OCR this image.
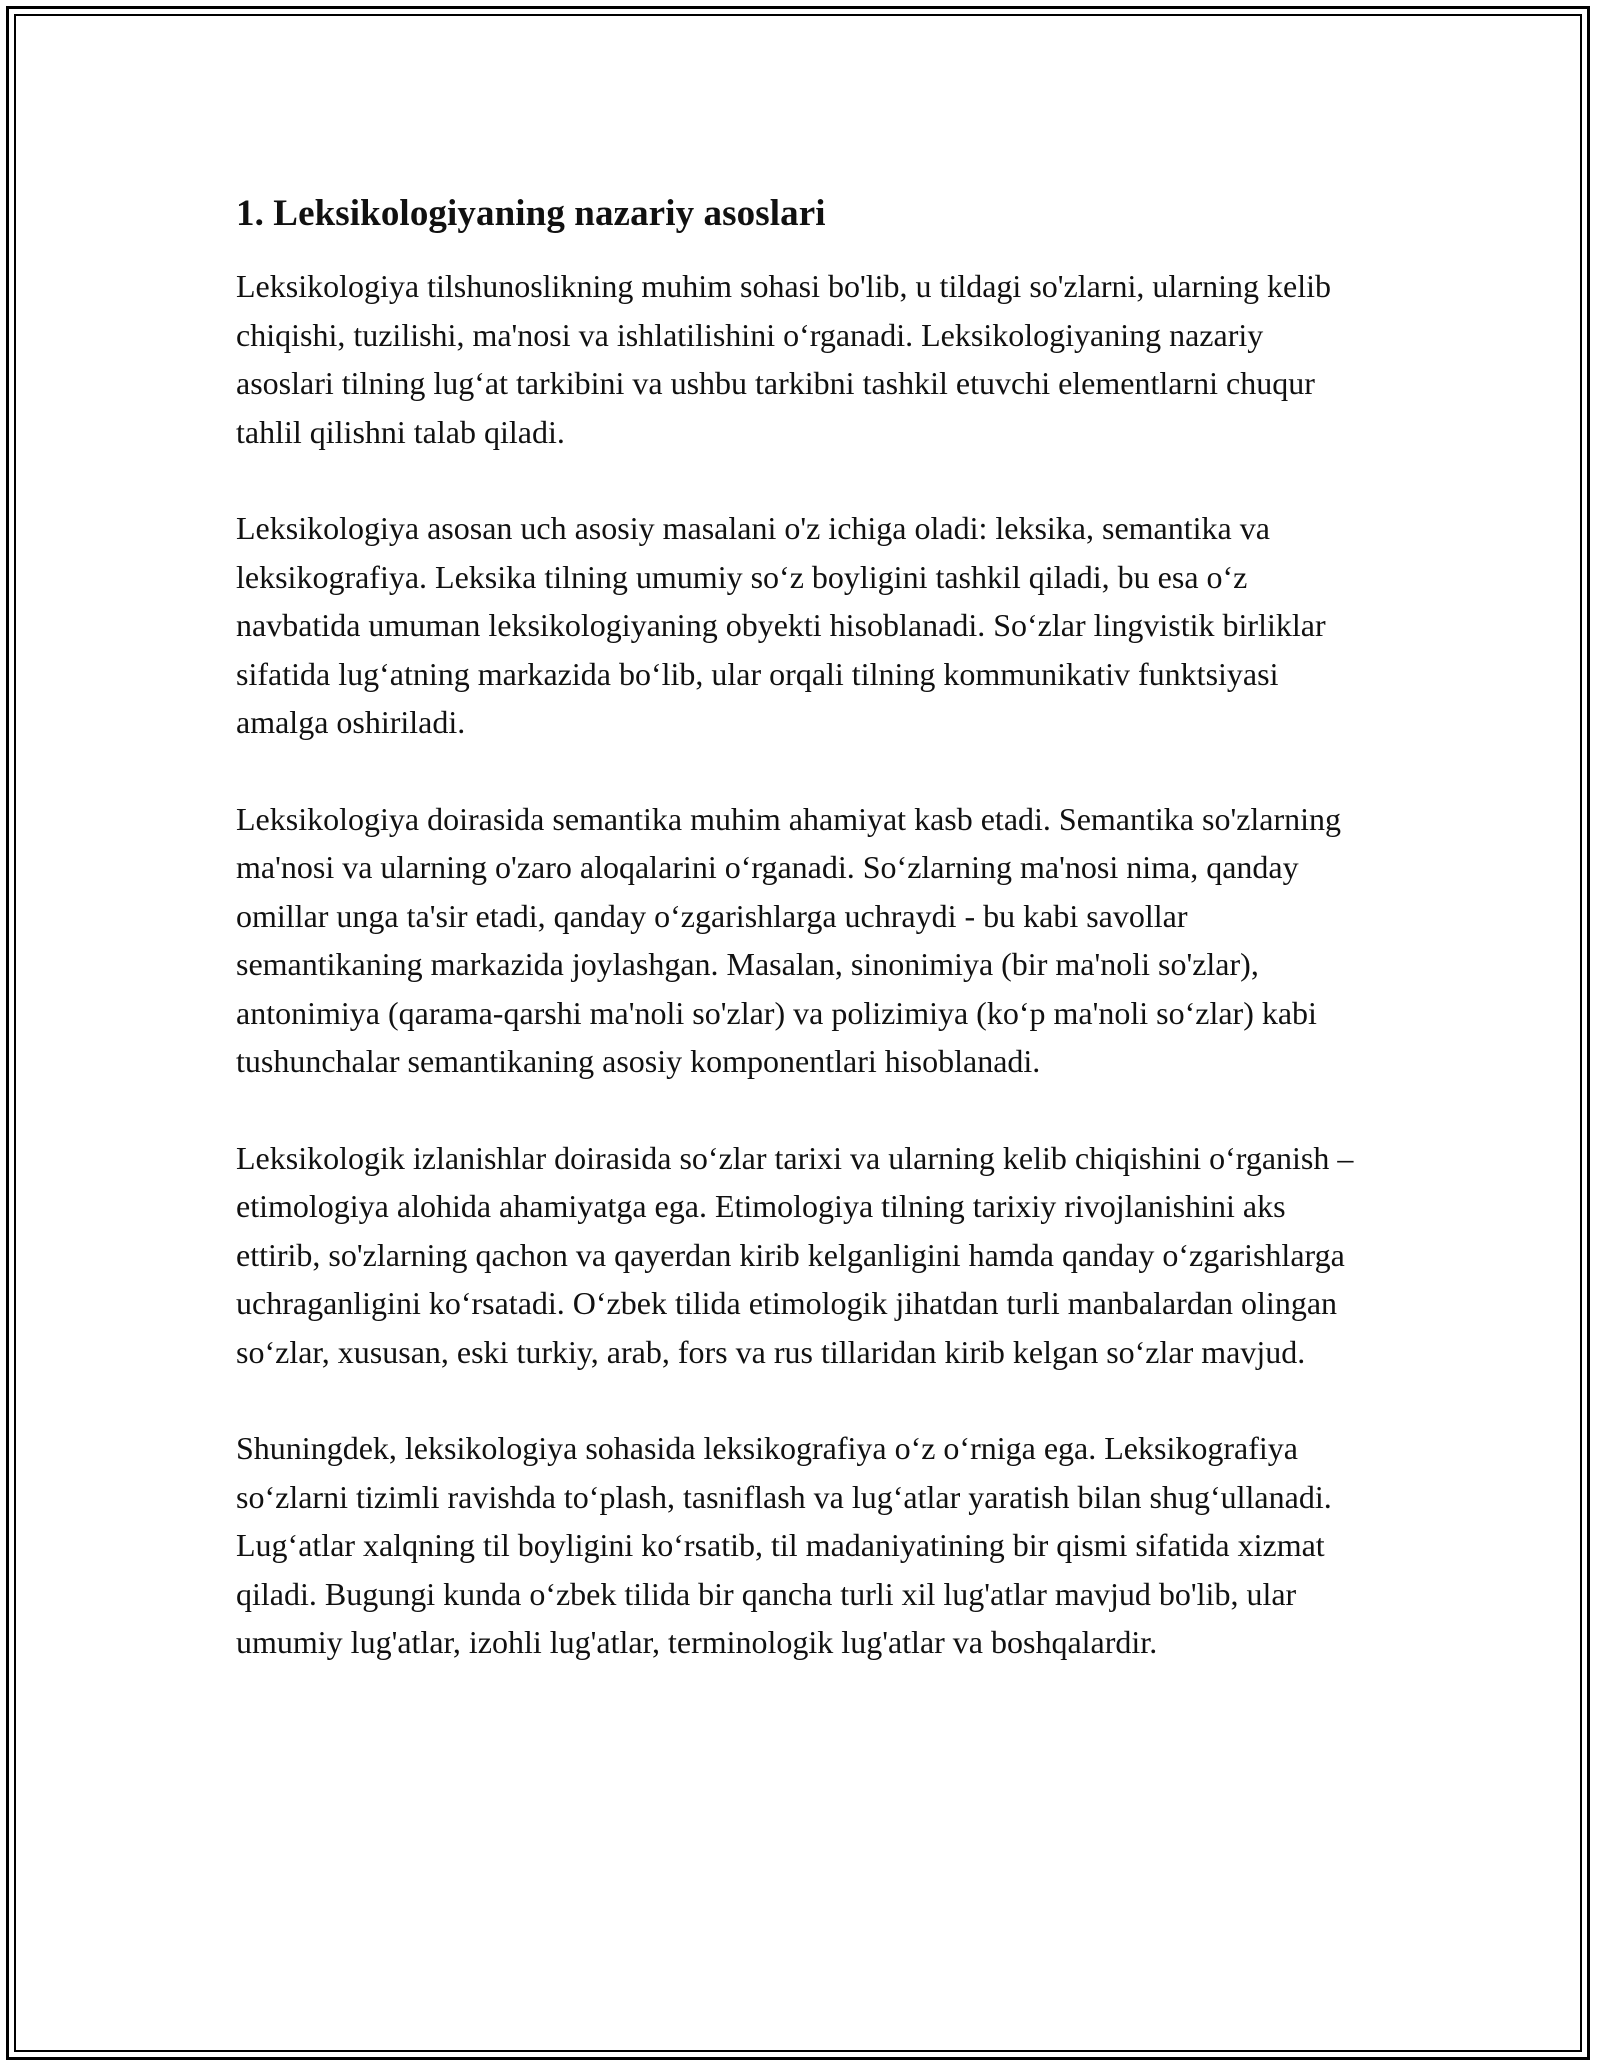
1. Leksikologiyaning nazariy asoslari

Leksikologiya tilshunoslikning muhim sohasi bo'lib, u tildagi so'zlarni, ularning kelib chiqishi, tuzilishi, ma'nosi va ishlatilishini o‘rganadi. Leksikologiyaning nazariy asoslari tilning lug‘at tarkibini va ushbu tarkibni tashkil etuvchi elementlarni chuqur tahlil qilishni talab qiladi.

Leksikologiya asosan uch asosiy masalani o'z ichiga oladi: leksika, semantika va leksikografiya. Leksika tilning umumiy so‘z boyligini tashkil qiladi, bu esa o‘z navbatida umuman leksikologiyaning obyekti hisoblanadi. So‘zlar lingvistik birliklar sifatida lug‘atning markazida bo‘lib, ular orqali tilning kommunikativ funktsiyasi amalga oshiriladi.

Leksikologiya doirasida semantika muhim ahamiyat kasb etadi. Semantika so'zlarning ma'nosi va ularning o'zaro aloqalarini o‘rganadi. So‘zlarning ma'nosi nima, qanday omillar unga ta'sir etadi, qanday o‘zgarishlarga uchraydi - bu kabi savollar semantikaning markazida joylashgan. Masalan, sinonimiya (bir ma'noli so'zlar), antonimiya (qarama-qarshi ma'noli so'zlar) va polizimiya (ko‘p ma'noli so‘zlar) kabi tushunchalar semantikaning asosiy komponentlari hisoblanadi.

Leksikologik izlanishlar doirasida so‘zlar tarixi va ularning kelib chiqishini o‘rganish – etimologiya alohida ahamiyatga ega. Etimologiya tilning tarixiy rivojlanishini aks ettirib, so'zlarning qachon va qayerdan kirib kelganligini hamda qanday o‘zgarishlarga uchraganligini ko‘rsatadi. O‘zbek tilida etimologik jihatdan turli manbalardan olingan so‘zlar, xususan, eski turkiy, arab, fors va rus tillaridan kirib kelgan so‘zlar mavjud.

Shuningdek, leksikologiya sohasida leksikografiya o‘z o‘rniga ega. Leksikografiya so‘zlarni tizimli ravishda to‘plash, tasniflash va lug‘atlar yaratish bilan shug‘ullanadi. Lug‘atlar xalqning til boyligini ko‘rsatib, til madaniyatining bir qismi sifatida xizmat qiladi. Bugungi kunda o‘zbek tilida bir qancha turli xil lug'atlar mavjud bo'lib, ular umumiy lug'atlar, izohli lug'atlar, terminologik lug'atlar va boshqalardir.
